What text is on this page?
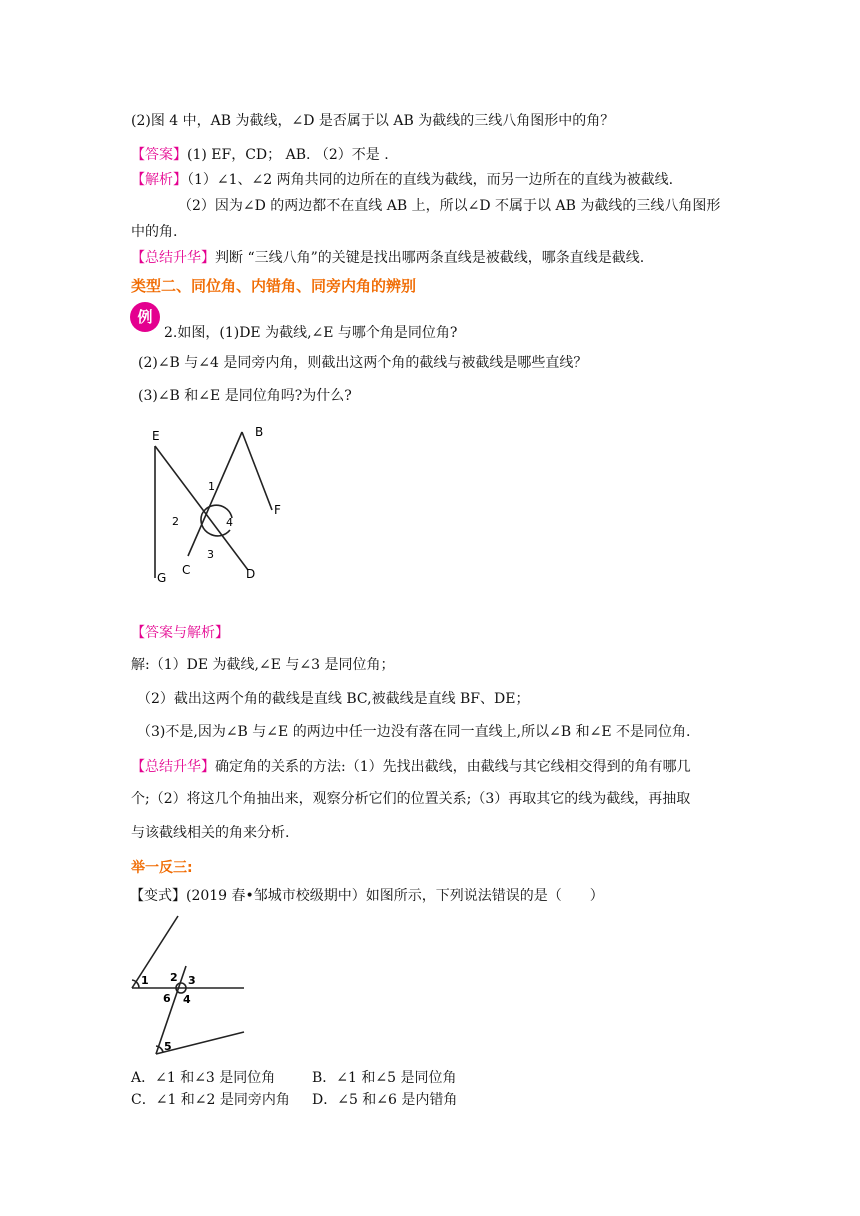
(2)图 4 中，AB 为截线，∠D 是否属于以 AB 为截线的三线八角图形中的角？
【答案】(1) EF，CD； AB. （2）不是 .
【解析】（1）∠1、∠2 两角共同的边所在的直线为截线，而另一边所在的直线为被截线.
（2）因为∠D 的两边都不在直线 AB 上，所以∠D 不属于以 AB 为截线的三线八角图形
中的角.
【总结升华】判断 “三线八角”的关键是找出哪两条直线是被截线，哪条直线是截线.
类型二、同位角、内错角、同旁内角的辨别
例
2.如图，(1)DE 为截线,∠E 与哪个角是同位角?
(2)∠B 与∠4 是同旁内角，则截出这两个角的截线与被截线是哪些直线？
(3)∠B 和∠E 是同位角吗?为什么?
E	B
F
G
C	D
1
2
3
4
【答案与解析】
解:（1）DE 为截线,∠E 与∠3 是同位角；
（2）截出这两个角的截线是直线 BC,被截线是直线 BF、DE；
（3)不是,因为∠B 与∠E 的两边中任一边没有落在同一直线上,所以∠B 和∠E 不是同位角.
【总结升华】确定角的关系的方法:（1）先找出截线，由截线与其它线相交得到的角有哪几
个;（2）将这几个角抽出来，观察分析它们的位置关系;（3）再取其它的线为截线，再抽取
与该截线相关的角来分析.
举一反三:
【变式】(2019 春•邹城市校级期中）如图所示，下列说法错误的是（　　）
1 2 3
6 4
5
A．∠1 和∠3 是同位角	B．∠1 和∠5 是同位角
C．∠1 和∠2 是同旁内角 D．∠5 和∠6 是内错角
